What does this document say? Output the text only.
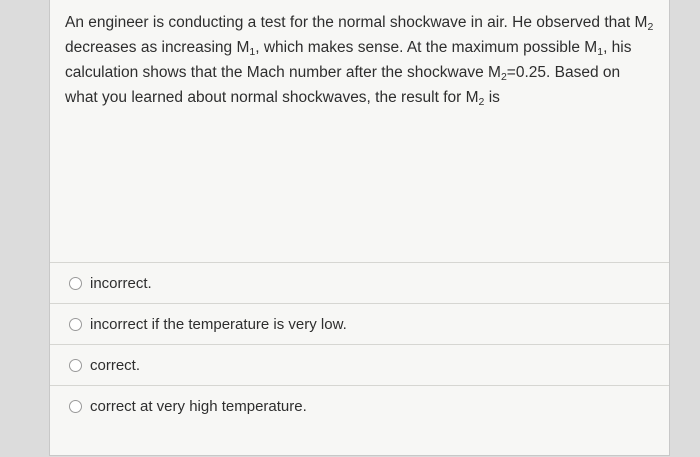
An engineer is conducting a test for the normal shockwave in air. He observed that $M_2$ decreases as increasing $M_1$, which makes sense. At the maximum possible $M_1$, his calculation shows that the Mach number after the shockwave $M_2=0.25$. Based on what you learned about normal shockwaves, the result for $M_2$ is

incorrect.
incorrect if the temperature is very low.
correct.
correct at very high temperature.
